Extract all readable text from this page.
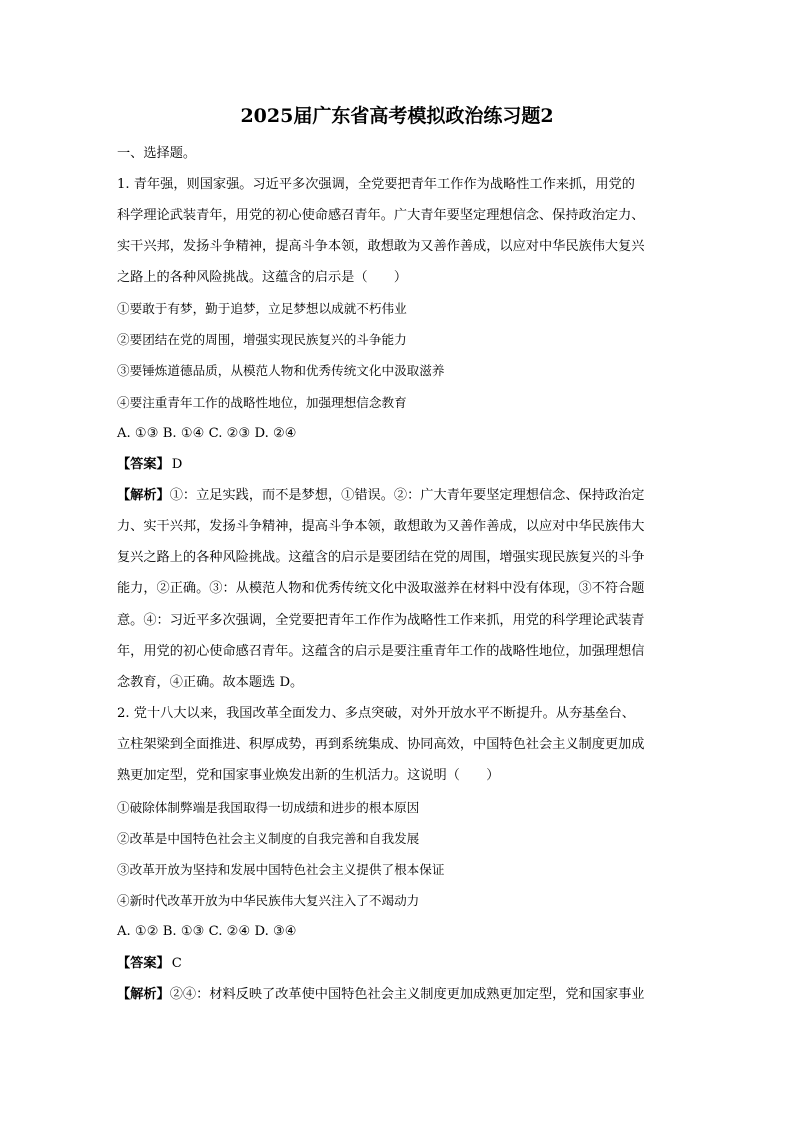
2025届广东省高考模拟政治练习题2
一、选择题。
1. 青年强，则国家强。习近平多次强调，全党要把青年工作作为战略性工作来抓，用党的
科学理论武装青年，用党的初心使命感召青年。广大青年要坚定理想信念、保持政治定力、
实干兴邦，发扬斗争精神，提高斗争本领，敢想敢为又善作善成，以应对中华民族伟大复兴
之路上的各种风险挑战。这蕴含的启示是（　　）
①要敢于有梦，勤于追梦，立足梦想以成就不朽伟业
②要团结在党的周围，增强实现民族复兴的斗争能力
③要锤炼道德品质，从模范人物和优秀传统文化中汲取滋养
④要注重青年工作的战略性地位，加强理想信念教育
A. ①③ B. ①④ C. ②③ D. ②④
【答案】 D
【解析】①：立足实践，而不是梦想，①错误。②：广大青年要坚定理想信念、保持政治定
力、实干兴邦，发扬斗争精神，提高斗争本领，敢想敢为又善作善成，以应对中华民族伟大
复兴之路上的各种风险挑战。这蕴含的启示是要团结在党的周围，增强实现民族复兴的斗争
能力，②正确。③：从模范人物和优秀传统文化中汲取滋养在材料中没有体现，③不符合题
意。④：习近平多次强调，全党要把青年工作作为战略性工作来抓，用党的科学理论武装青
年，用党的初心使命感召青年。这蕴含的启示是要注重青年工作的战略性地位，加强理想信
念教育，④正确。故本题选 D。
2. 党十八大以来，我国改革全面发力、多点突破，对外开放水平不断提升。从夯基垒台、
立柱架梁到全面推进、积厚成势，再到系统集成、协同高效，中国特色社会主义制度更加成
熟更加定型，党和国家事业焕发出新的生机活力。这说明（　　）
①破除体制弊端是我国取得一切成绩和进步的根本原因
②改革是中国特色社会主义制度的自我完善和自我发展
③改革开放为坚持和发展中国特色社会主义提供了根本保证
④新时代改革开放为中华民族伟大复兴注入了不竭动力
A. ①② B. ①③ C. ②④ D. ③④
【答案】 C
【解析】②④：材料反映了改革使中国特色社会主义制度更加成熟更加定型，党和国家事业
